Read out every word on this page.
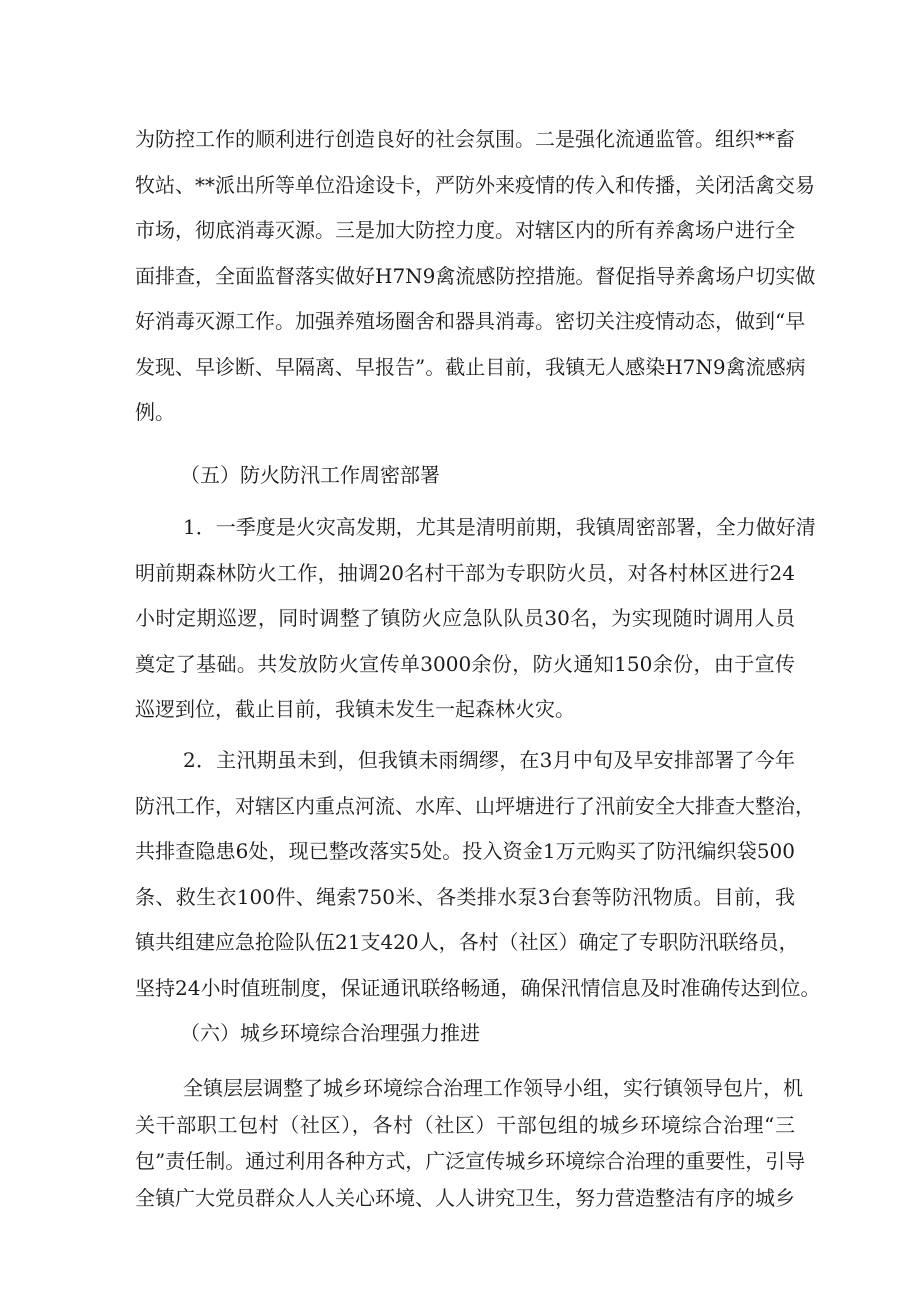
为防控工作的顺利进行创造良好的社会氛围。二是强化流通监管。组织**畜
牧站、**派出所等单位沿途设卡，严防外来疫情的传入和传播，关闭活禽交易
市场，彻底消毒灭源。三是加大防控力度。对辖区内的所有养禽场户进行全
面排查，全面监督落实做好H7N9禽流感防控措施。督促指导养禽场户切实做
好消毒灭源工作。加强养殖场圈舍和器具消毒。密切关注疫情动态，做到“早
发现、早诊断、早隔离、早报告”。截止目前，我镇无人感染H7N9禽流感病
例。
（五）防火防汛工作周密部署
1．一季度是火灾高发期，尤其是清明前期，我镇周密部署，全力做好清
明前期森林防火工作，抽调20名村干部为专职防火员，对各村林区进行24
小时定期巡逻，同时调整了镇防火应急队队员30名，为实现随时调用人员
奠定了基础。共发放防火宣传单3000余份，防火通知150余份，由于宣传
巡逻到位，截止目前，我镇未发生一起森林火灾。
2．主汛期虽未到，但我镇未雨绸缪，在3月中旬及早安排部署了今年
防汛工作，对辖区内重点河流、水库、山坪塘进行了汛前安全大排查大整治，
共排查隐患6处，现已整改落实5处。投入资金1万元购买了防汛编织袋500
条、救生衣100件、绳索750米、各类排水泵3台套等防汛物质。目前，我
镇共组建应急抢险队伍21支420人，各村（社区）确定了专职防汛联络员，
坚持24小时值班制度，保证通讯联络畅通，确保汛情信息及时准确传达到位。
（六）城乡环境综合治理强力推进
全镇层层调整了城乡环境综合治理工作领导小组，实行镇领导包片，机
关干部职工包村（社区），各村（社区）干部包组的城乡环境综合治理“三
包”责任制。通过利用各种方式，广泛宣传城乡环境综合治理的重要性，引导
全镇广大党员群众人人关心环境、人人讲究卫生，努力营造整洁有序的城乡
